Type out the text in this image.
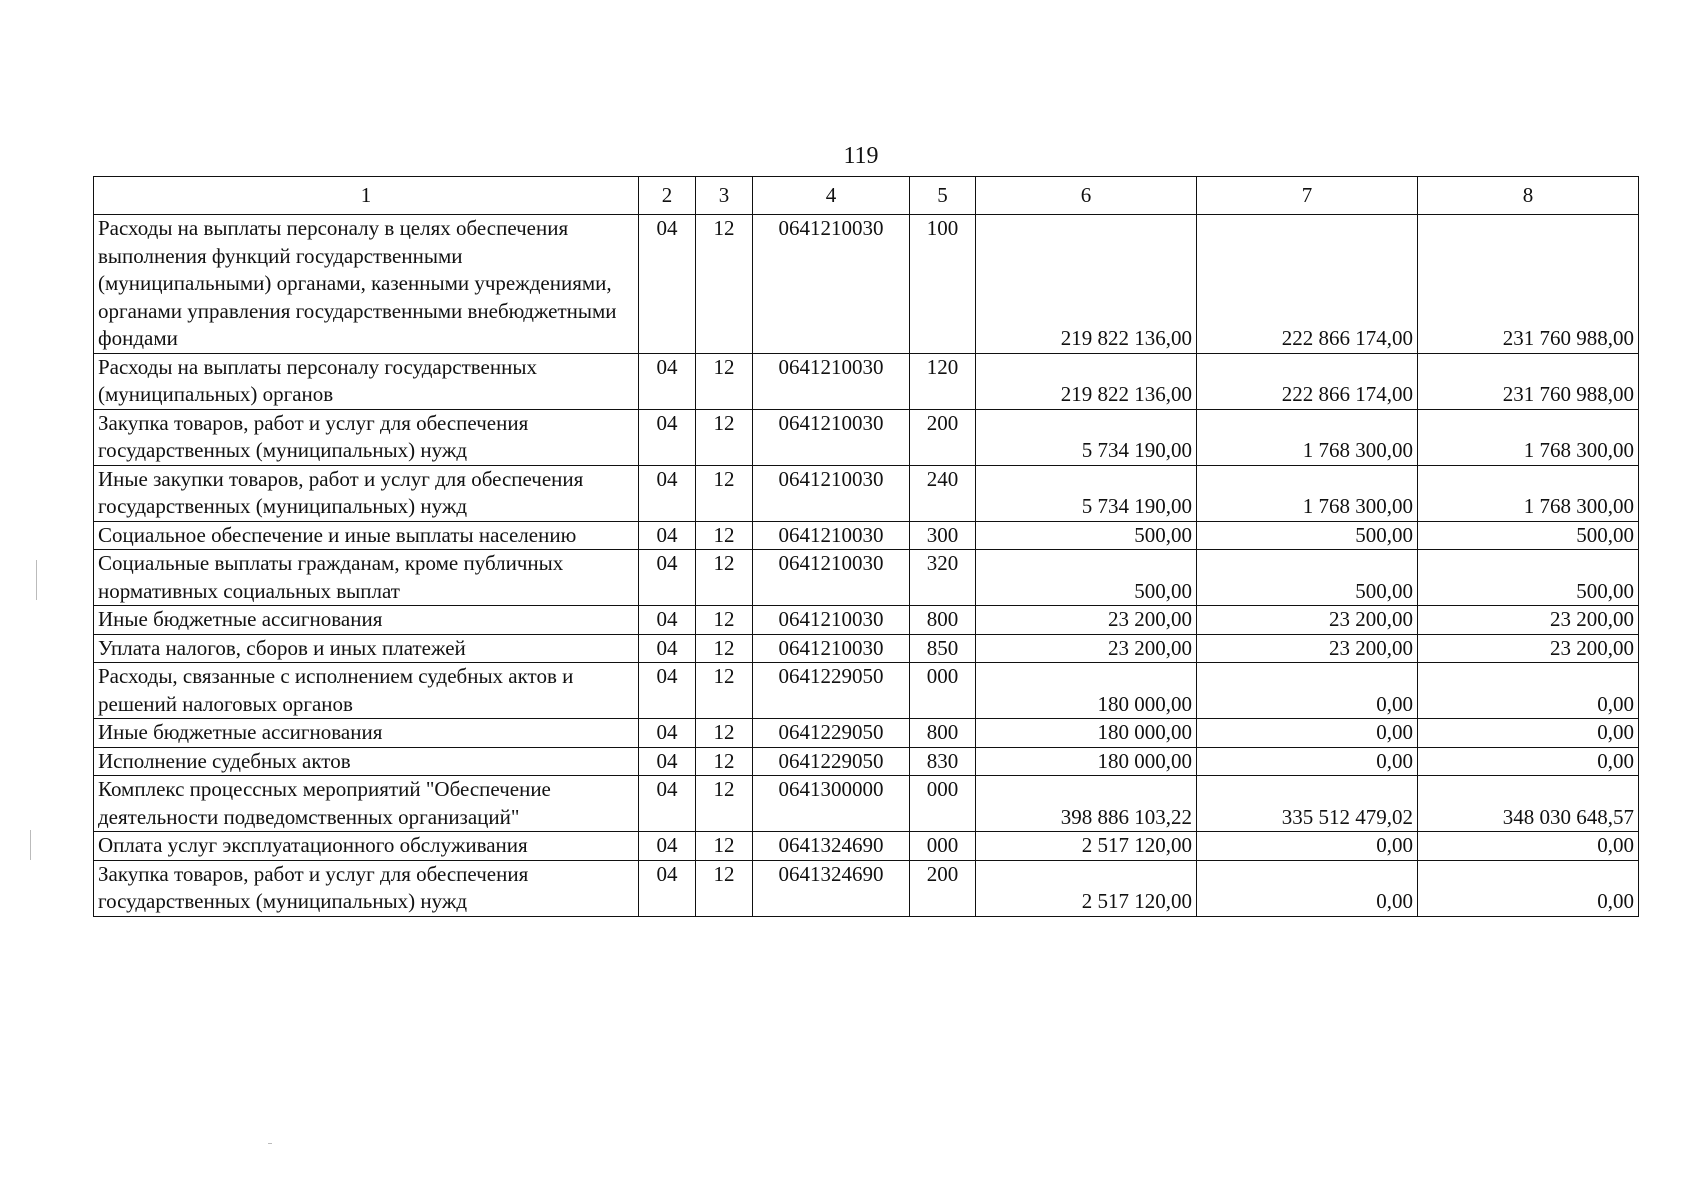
119
1	2	3	4	5	6	7	8
Расходы на выплаты персоналу в целях обеспечения выполнения функций государственными (муниципальными) органами, казенными учреждениями, органами управления государственными внебюджетными фондами	04	12	0641210030	100	219 822 136,00	222 866 174,00	231 760 988,00
Расходы на выплаты персоналу государственных (муниципальных) органов	04	12	0641210030	120	219 822 136,00	222 866 174,00	231 760 988,00
Закупка товаров, работ и услуг для обеспечения государственных (муниципальных) нужд	04	12	0641210030	200	5 734 190,00	1 768 300,00	1 768 300,00
Иные закупки товаров, работ и услуг для обеспечения государственных (муниципальных) нужд	04	12	0641210030	240	5 734 190,00	1 768 300,00	1 768 300,00
Социальное обеспечение и иные выплаты населению	04	12	0641210030	300	500,00	500,00	500,00
Социальные выплаты гражданам, кроме публичных нормативных социальных выплат	04	12	0641210030	320	500,00	500,00	500,00
Иные бюджетные ассигнования	04	12	0641210030	800	23 200,00	23 200,00	23 200,00
Уплата налогов, сборов и иных платежей	04	12	0641210030	850	23 200,00	23 200,00	23 200,00
Расходы, связанные с исполнением судебных актов и решений налоговых органов	04	12	0641229050	000	180 000,00	0,00	0,00
Иные бюджетные ассигнования	04	12	0641229050	800	180 000,00	0,00	0,00
Исполнение судебных актов	04	12	0641229050	830	180 000,00	0,00	0,00
Комплекс процессных мероприятий "Обеспечение деятельности подведомственных организаций"	04	12	0641300000	000	398 886 103,22	335 512 479,02	348 030 648,57
Оплата услуг эксплуатационного обслуживания	04	12	0641324690	000	2 517 120,00	0,00	0,00
Закупка товаров, работ и услуг для обеспечения государственных (муниципальных) нужд	04	12	0641324690	200	2 517 120,00	0,00	0,00
